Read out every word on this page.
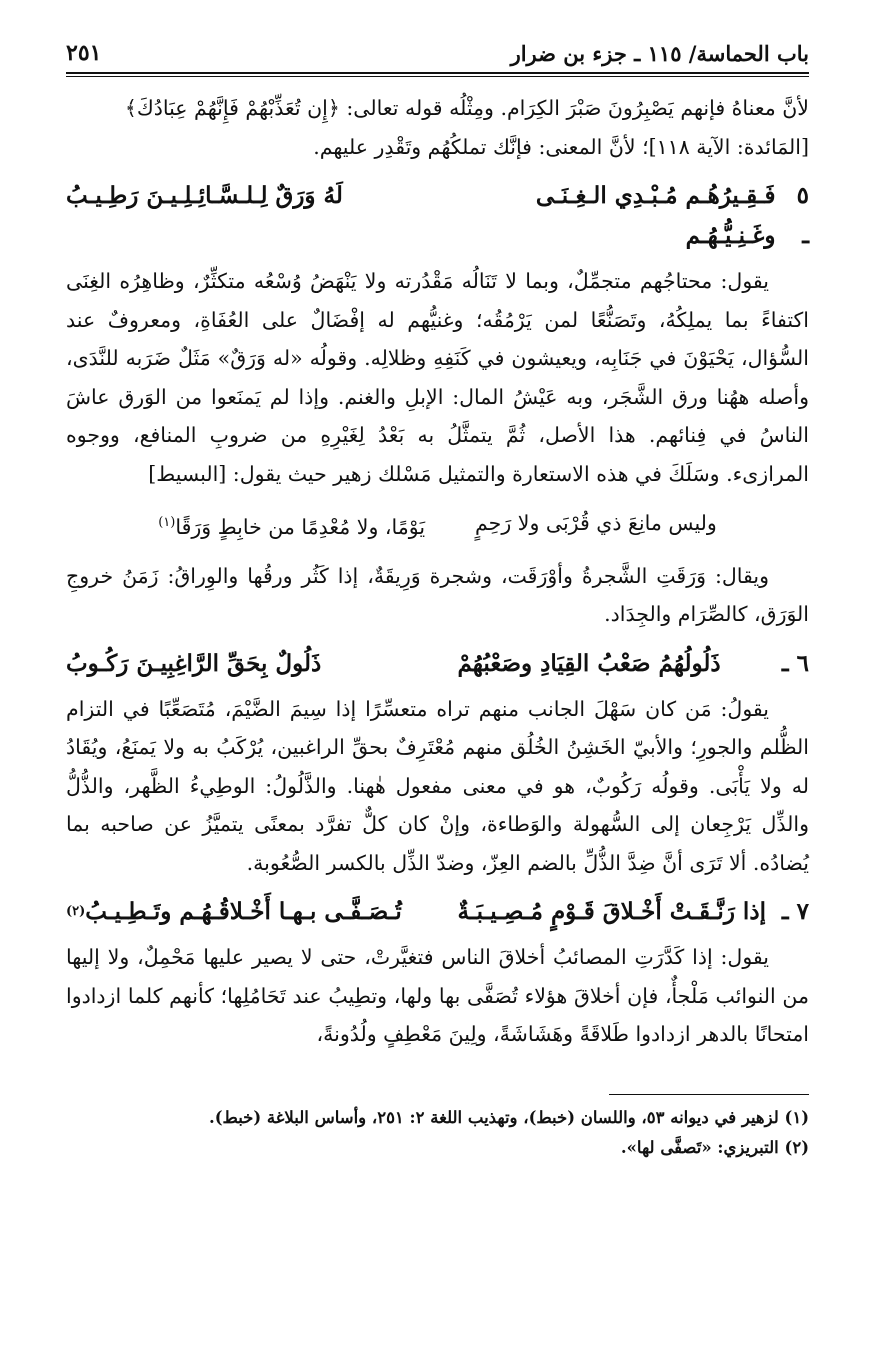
باب الحماسة/ ١١٥ ـ جزء بن ضرار
٢٥١

لأنَّ معناهُ فإنهم يَصْبِرُونَ صَبْرَ الكِرَام. ومِثْلُه قوله تعالى: ﴿إِن تُعَذِّبْهُمْ فَإِنَّهُمْ عِبَادُكَ﴾

[المَائدة: الآية ١١٨]؛ لأنَّ المعنى: فإنَّك تملكُهُم وتَقْدِر عليهم.

٥ ـ
فَـقِـيرُهُـم مُـبْـدِي الـغِـنَـى وغَـنِـيُّـهُـم
لَهُ وَرَقٌ لِـلـسَّـائِـلِـيـنَ رَطِـيـبُ

يقول: محتاجُهم متجمِّلٌ، وبما لا تَنَالُه مَقْدُرته ولا يَنْهَضُ وُسْعُه متكثِّرٌ، وظاهِرُه الغِنَى اكتفاءً بما يملِكُهُ، وتَصَنُّعًا لمن يَرْمُقُه؛ وغنيُّهم له إفْضَالٌ على العُفَاةِ، ومعروفٌ عند السُّؤال، يَحْيَوْنَ في جَنَابِه، ويعيشون في كَنَفِهِ وظلالِه. وقولُه «له وَرَقٌ» مَثَلٌ ضَرَبه للنَّدَى، وأصله ههُنا ورق الشَّجَر، وبه عَيْشُ المال: الإبلِ والغنم. وإذا لم يَمنَعوا من الوَرق عاشَ الناسُ في فِنائهم. هذا الأصل، ثُمَّ يتمثَّلُ به بَعْدُ لِغَيْرِهِ من ضروبِ المنافع، ووجوه المرازىء. وسَلَكَ في هذه الاستعارة والتمثيل مَسْلك زهير حيث يقول: [البسيط]

وليس مانِعَ ذي قُرْبَى ولا رَحِمٍ
يَوْمًا، ولا مُعْدِمًا من خابِطٍ وَرَقًا$^{(١)}$

ويقال: وَرَقَتِ الشَّجرةُ وأوْرَقَت، وشجرة وَرِيقَةٌ، إذا كَثُر ورقُها والوِراقُ: زَمَنُ خروجِ الوَرَق، كالصِّرَام والجِدَاد.

٦ ـ
ذَلُولُهُمُ صَعْبُ القِيَادِ وصَعْبُهُمْ
ذَلُولٌ بِحَقِّ الرَّاغِبِيـنَ رَكُـوبُ

يقولُ: مَن كان سَهْلَ الجانب منهم تراه متعسِّرًا إذا سِيمَ الضَّيْمَ، مُتَصَعِّبًا في التزام الظُّلم والجورِ؛ والأبيّ الخَشِنُ الخُلُق منهم مُعْتَرِفٌ بحقِّ الراغبين، يُرْكَبُ به ولا يَمنَعُ، ويُقَادُ له ولا يَأْبَى. وقولُه رَكُوبٌ، هو في معنى مفعول هٰهنا. والذَّلُولُ: الوطِيءُ الظَّهر، والذُّلُّ والذِّل يَرْجِعان إلى السُّهولة والوَطاءة، وإنْ كان كلٌّ تفرَّد بمعنًى يتميَّزُ عن صاحبه بما يُضادُه. ألا تَرَى أنَّ ضِدَّ الذُّلِّ بالضم العِزّ، وضدّ الذِّل بالكسر الصُّعُوبة.

٧ ـ
إذا رَنَّـقَـتْ أَخْـلاقَ قَـوْمٍ مُـصِـيـبَـةٌ
تُـصَـفَّـى بـهـا أَخْـلاقُـهُـم وتَـطِـيـبُ
(٢)

يقول: إذا كَدَّرَتِ المصائبُ أخلاقَ الناس فتغيَّرتْ، حتى لا يصير عليها مَحْمِلٌ، ولا إليها من النوائب مَلْجأٌ، فإن أخلاقَ هؤلاء تُصَفَّى بها ولها، وتطِيبُ عند تَحَامُلِها؛ كأنهم كلما ازدادوا امتحانًا بالدهر ازدادوا طَلاقَةً وهَشَاشَةً، ولِينَ مَعْطِفٍ ولُدُونةً،

(١) لزهير في ديوانه ٥٣، واللسان (خبط)، وتهذيب اللغة ٢: ٢٥١، وأساس البلاغة (خبط).
(٢) التبريزي: «تَصفَّى لها».
